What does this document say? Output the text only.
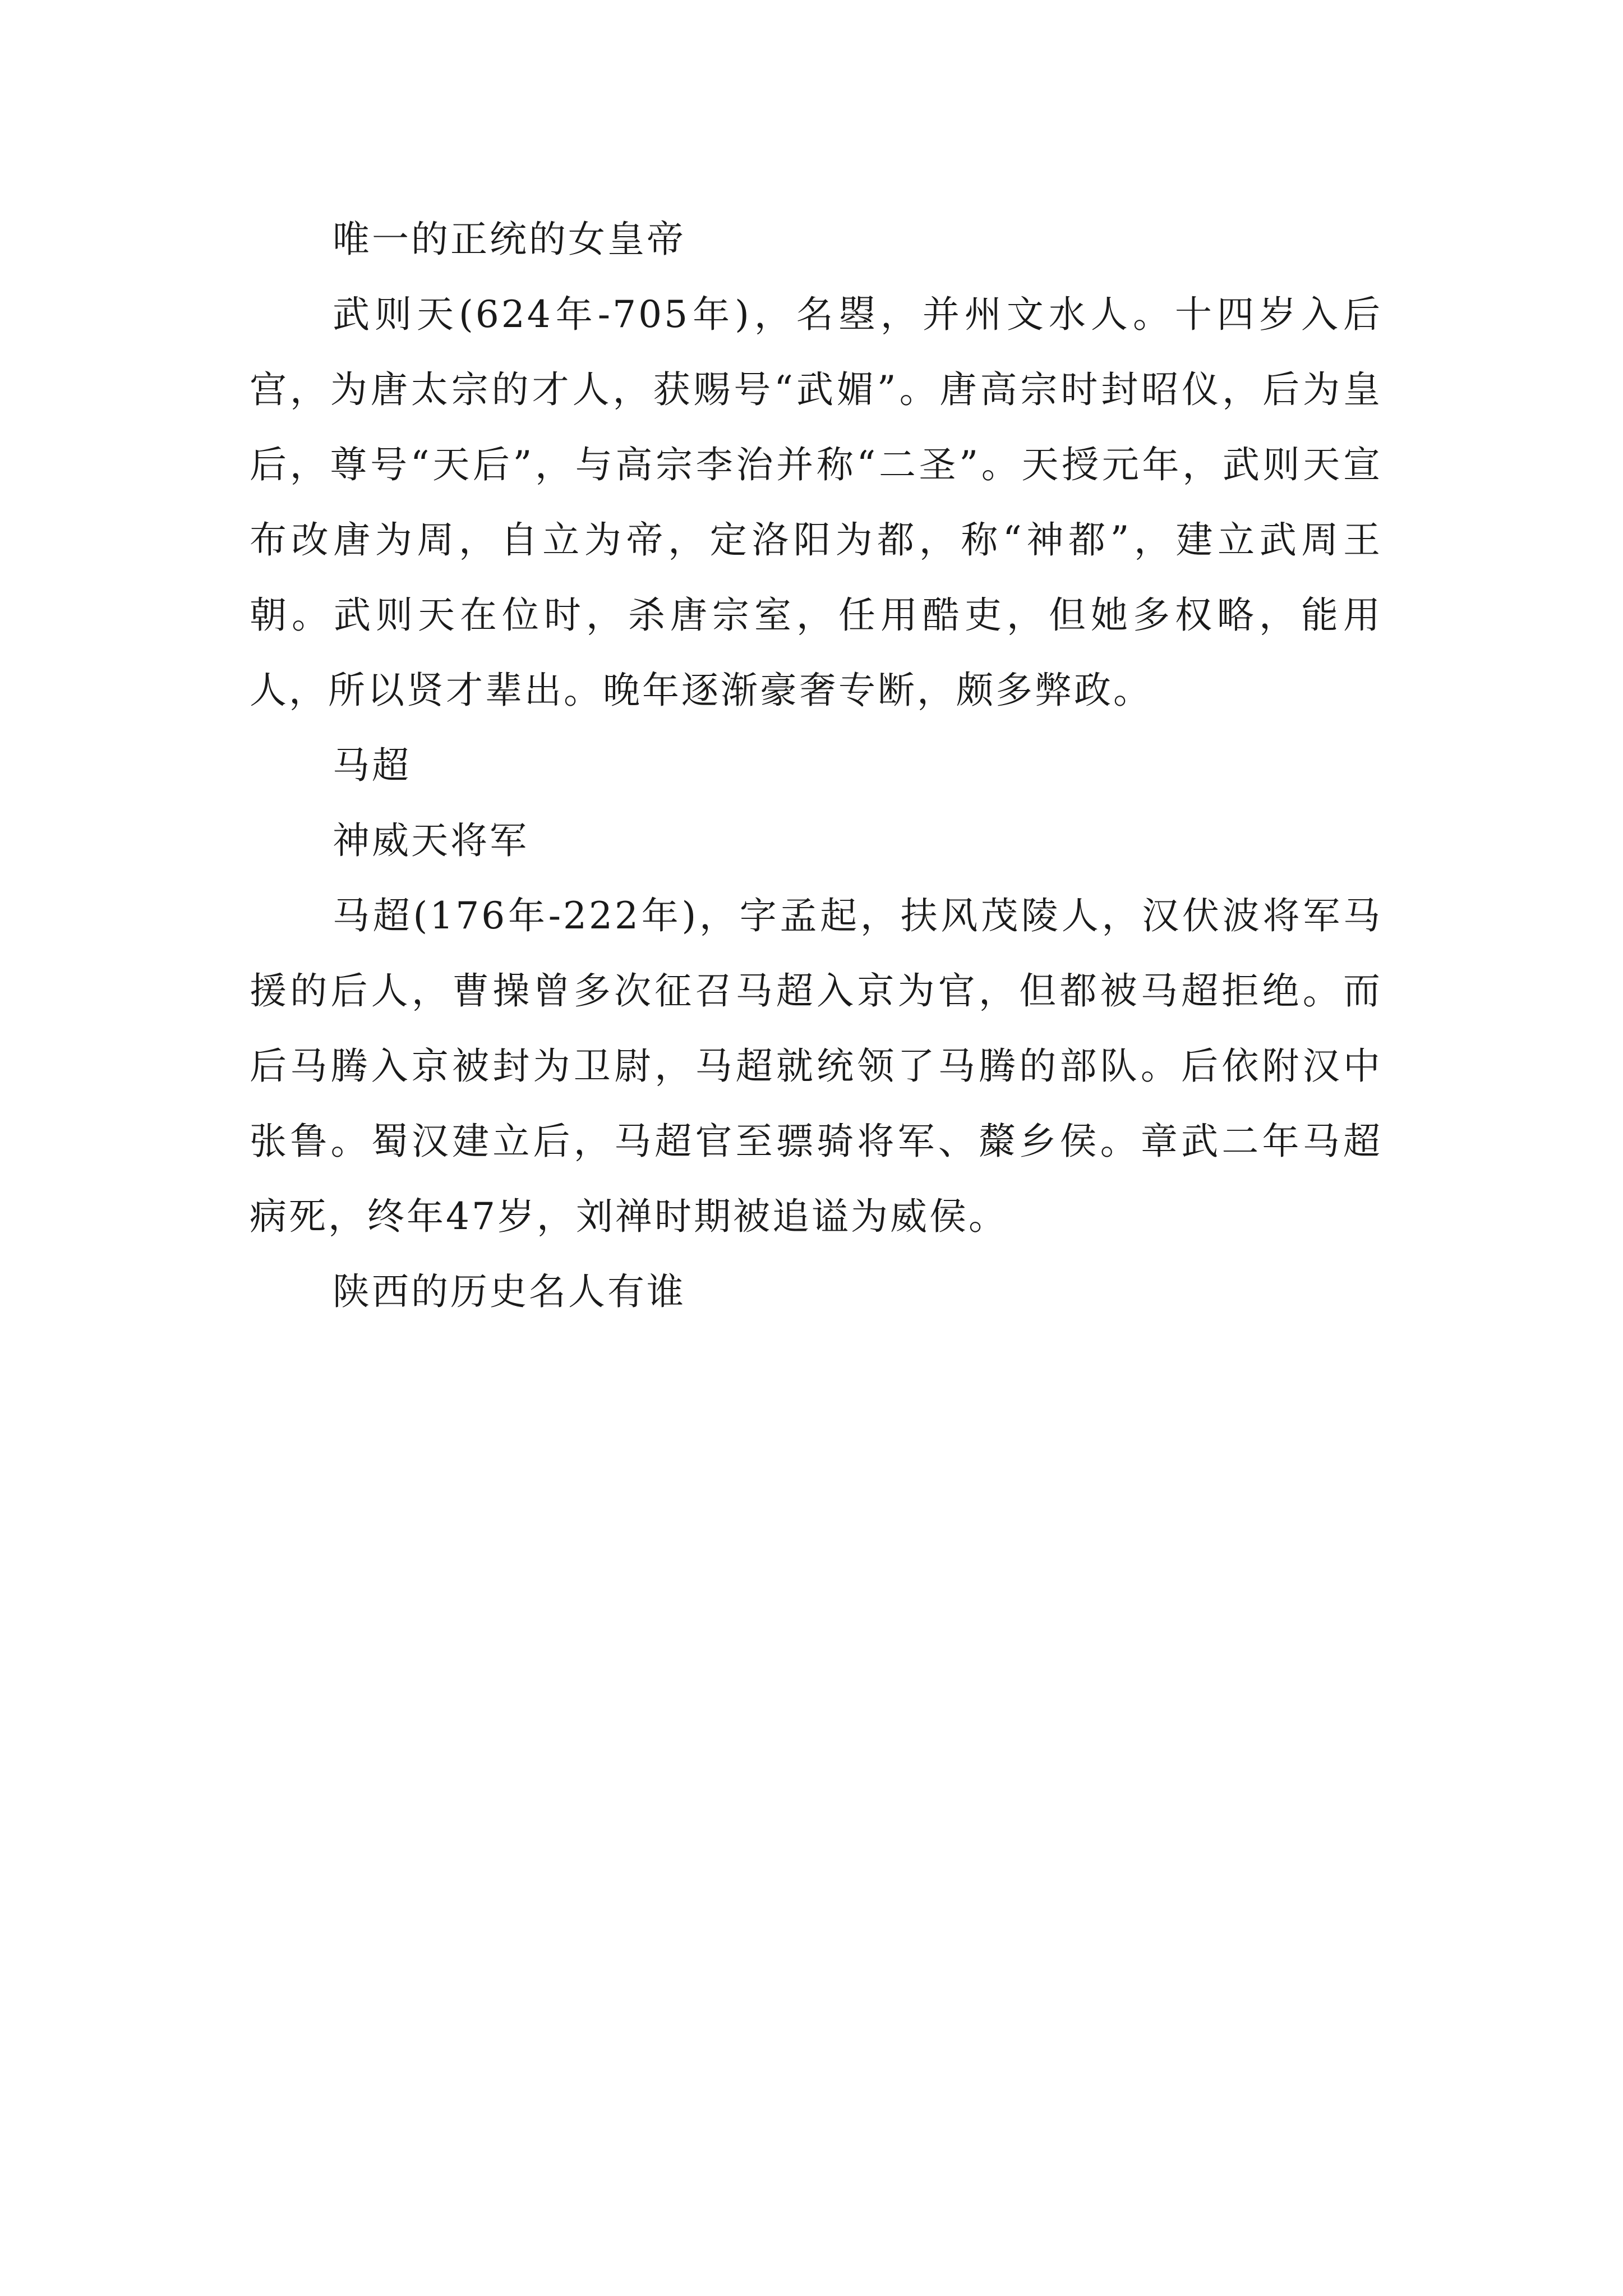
唯一的正统的女皇帝

武则天(624年-705年)，名曌，并州文水人。十四岁入后宫，为唐太宗的才人，获赐号“武媚”。唐高宗时封昭仪，后为皇后，尊号“天后”，与高宗李治并称“二圣”。天授元年，武则天宣布改唐为周，自立为帝，定洛阳为都，称“神都”，建立武周王朝。武则天在位时，杀唐宗室，任用酷吏，但她多权略，能用人，所以贤才辈出。晚年逐渐豪奢专断，颇多弊政。

马超

神威天将军

马超(176年-222年)，字孟起，扶风茂陵人，汉伏波将军马援的后人，曹操曾多次征召马超入京为官，但都被马超拒绝。而后马腾入京被封为卫尉，马超就统领了马腾的部队。后依附汉中张鲁。蜀汉建立后，马超官至骠骑将军、斄乡侯。章武二年马超病死，终年47岁，刘禅时期被追谥为威侯。

陕西的历史名人有谁
